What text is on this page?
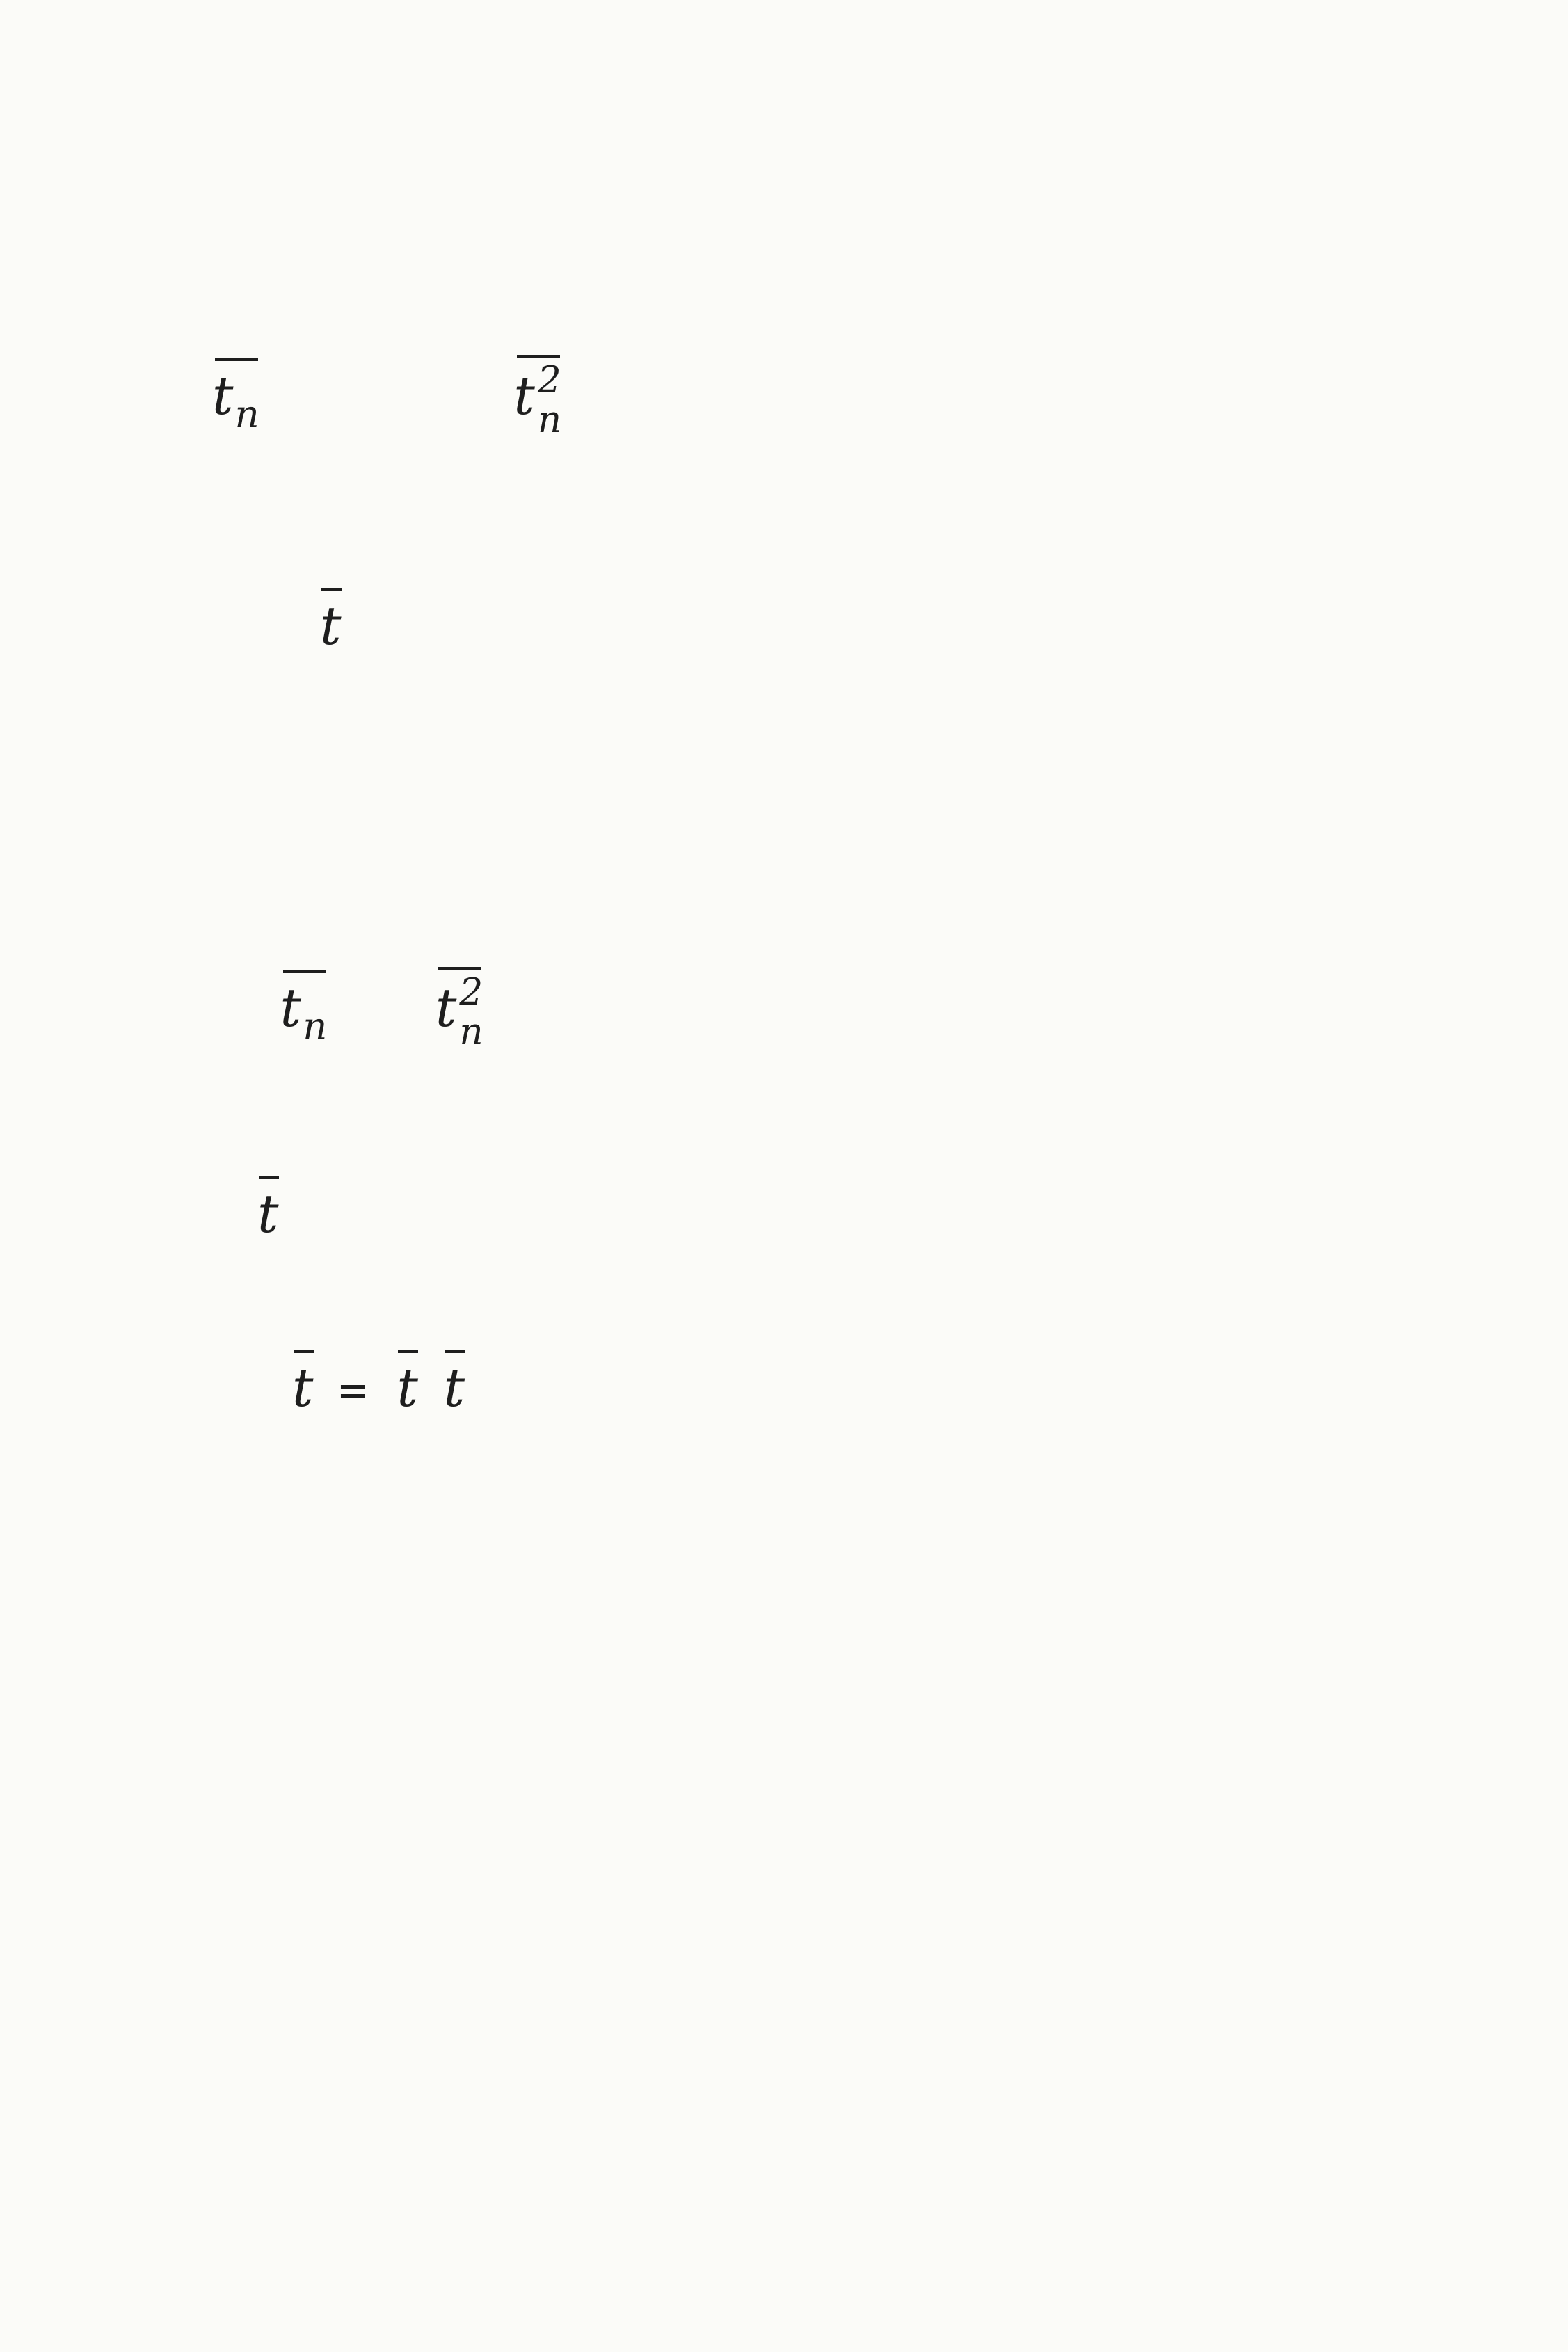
$t_п$	t 2
п
t
$t_п$ t 2
п

t
t = t t
